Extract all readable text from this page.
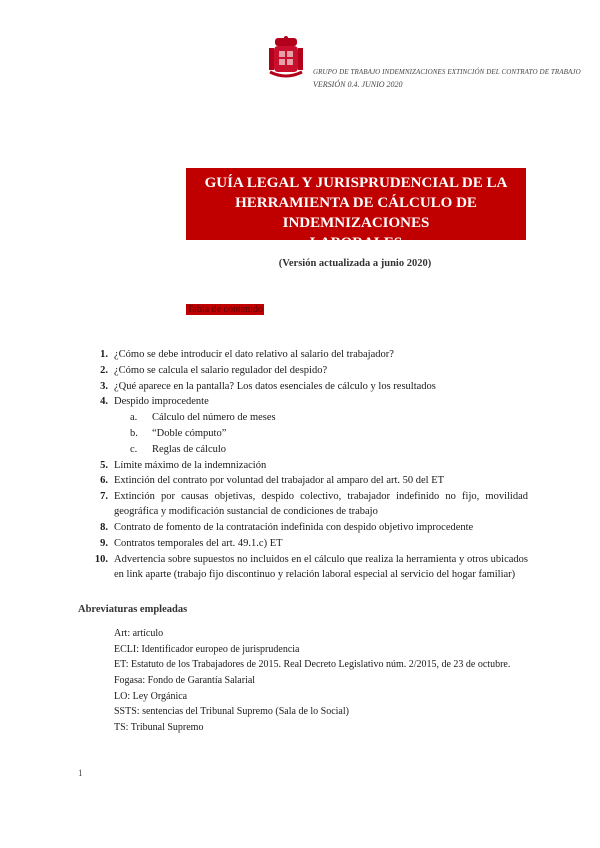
GRUPO DE TRABAJO INDEMNIZACIONES EXTINCIÓN DEL CONTRATO DE TRABAJO
VERSIÓN 0.4. JUNIO 2020
GUÍA LEGAL Y JURISPRUDENCIAL DE LA
HERRAMIENTA DE CÁLCULO DE INDEMNIZACIONES
LABORALES
(Versión actualizada a junio 2020)
Tabla de contenido
1. ¿Cómo se debe introducir el dato relativo al salario del trabajador?
2. ¿Cómo se calcula el salario regulador del despido?
3. ¿Qué aparece en la pantalla? Los datos esenciales de cálculo y los resultados
4. Despido improcedente
a.	Cálculo del número de meses
b.	“Doble cómputo”
c.	Reglas de cálculo
5. Límite máximo de la indemnización
6. Extinción del contrato por voluntad del trabajador al amparo del art. 50 del ET
7. Extinción por causas objetivas, despido colectivo, trabajador indefinido no fijo, movilidad geográfica y modificación sustancial de condiciones de trabajo
8. Contrato de fomento de la contratación indefinida con despido objetivo improcedente
9. Contratos temporales del art. 49.1.c) ET
10. Advertencia sobre supuestos no incluidos en el cálculo que realiza la herramienta y otros ubicados en link aparte (trabajo fijo discontinuo y relación laboral especial al servicio del hogar familiar)
Abreviaturas empleadas
Art: artículo
ECLI: Identificador europeo de jurisprudencia
ET: Estatuto de los Trabajadores de 2015. Real Decreto Legislativo núm. 2/2015, de 23 de octubre.
Fogasa: Fondo de Garantía Salarial
LO: Ley Orgánica
SSTS: sentencias del Tribunal Supremo (Sala de lo Social)
TS: Tribunal Supremo
1
